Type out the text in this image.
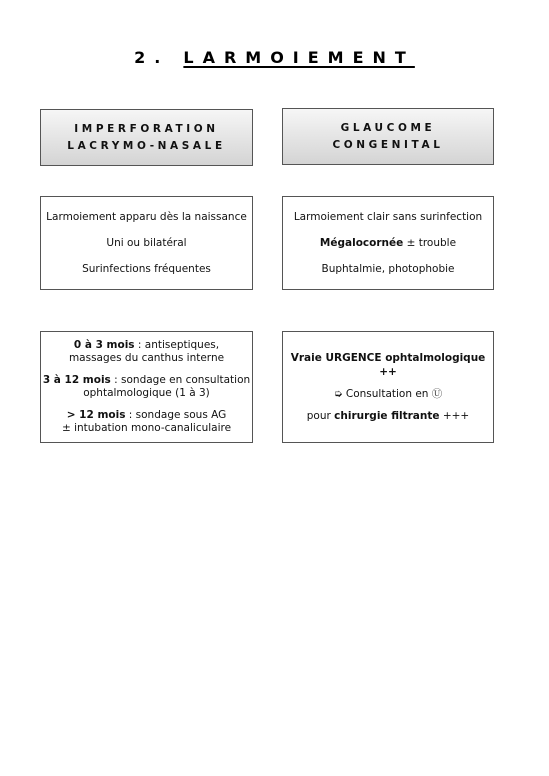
2. LARMOIEMENT
IMPERFORATION
LACRYMO-NASALE
Larmoiement apparu dès la naissance
Uni ou bilatéral
Surinfections fréquentes
0 à 3 mois : antiseptiques,
massages du canthus interne
3 à 12 mois : sondage en consultation
ophtalmologique (1 à 3)
> 12 mois : sondage sous AG
± intubation mono-canaliculaire
GLAUCOME
CONGENITAL
Larmoiement clair sans surinfection
Mégalocornée ± trouble
Buphtalmie, photophobie
Vraie URGENCE ophtalmologique ++
➭ Consultation en Ⓤ
pour chirurgie filtrante +++
